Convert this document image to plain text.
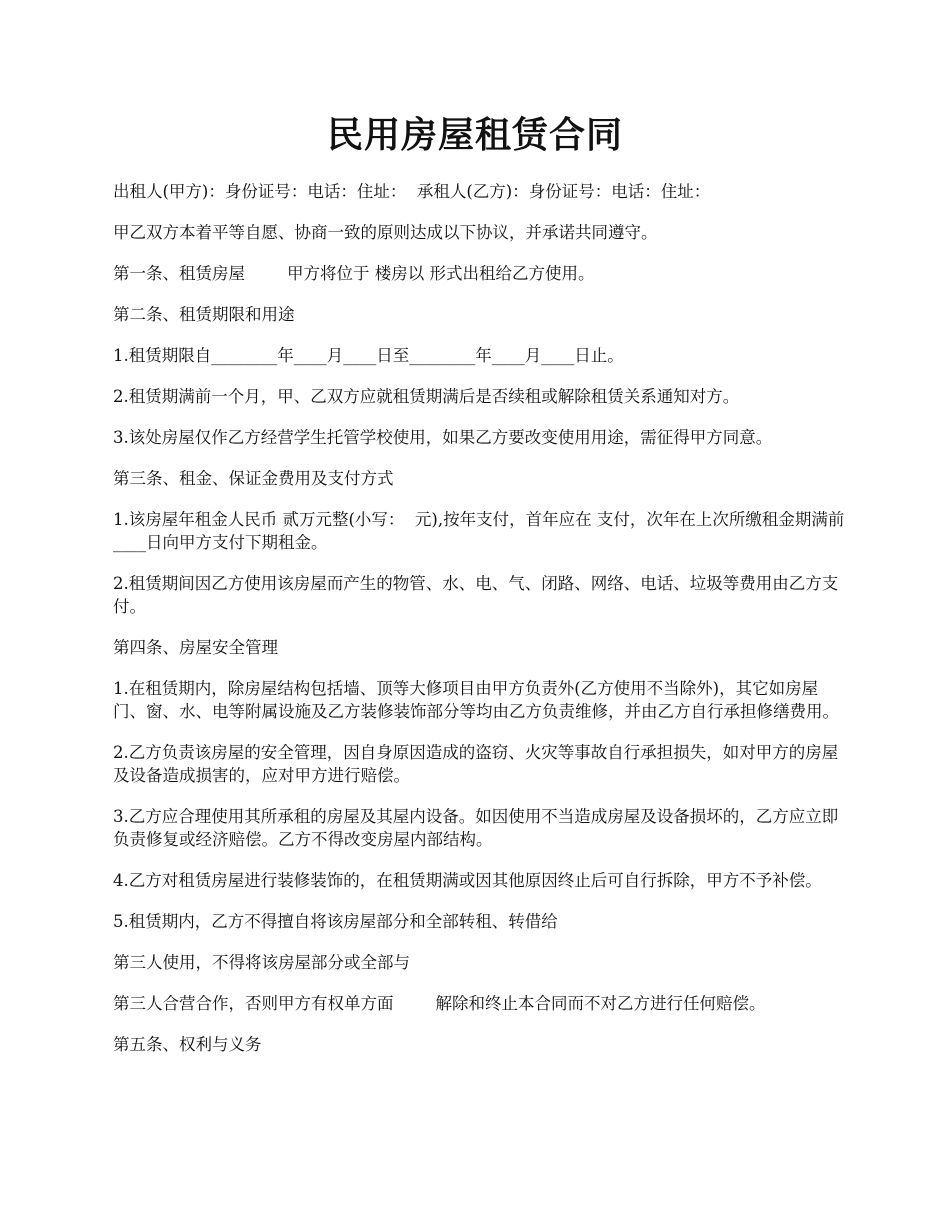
民用房屋租赁合同

出租人(甲方)：身份证号：电话：住址：  承租人(乙方)：身份证号：电话：住址：

甲乙双方本着平等自愿、协商一致的原则达成以下协议，并承诺共同遵守。

第一条、租赁房屋        甲方将位于 楼房以 形式出租给乙方使用。

第二条、租赁期限和用途

1.租赁期限自________年____月____日至________年____月____日止。

2.租赁期满前一个月，甲、乙双方应就租赁期满后是否续租或解除租赁关系通知对方。

3.该处房屋仅作乙方经营学生托管学校使用，如果乙方要改变使用用途，需征得甲方同意。

第三条、租金、保证金费用及支付方式

1.该房屋年租金人民币 贰万元整(小写：  元),按年支付，首年应在 支付，次年在上次所缴租金期满前____日向甲方支付下期租金。

2.租赁期间因乙方使用该房屋而产生的物管、水、电、气、闭路、网络、电话、垃圾等费用由乙方支付。

第四条、房屋安全管理

1.在租赁期内，除房屋结构包括墙、顶等大修项目由甲方负责外(乙方使用不当除外)，其它如房屋门、窗、水、电等附属设施及乙方装修装饰部分等均由乙方负责维修，并由乙方自行承担修缮费用。

2.乙方负责该房屋的安全管理，因自身原因造成的盗窃、火灾等事故自行承担损失，如对甲方的房屋及设备造成损害的，应对甲方进行赔偿。

3.乙方应合理使用其所承租的房屋及其屋内设备。如因使用不当造成房屋及设备损坏的，乙方应立即负责修复或经济赔偿。乙方不得改变房屋内部结构。

4.乙方对租赁房屋进行装修装饰的，在租赁期满或因其他原因终止后可自行拆除，甲方不予补偿。

5.租赁期内，乙方不得擅自将该房屋部分和全部转租、转借给

第三人使用，不得将该房屋部分或全部与

第三人合营合作，否则甲方有权单方面        解除和终止本合同而不对乙方进行任何赔偿。

第五条、权利与义务
